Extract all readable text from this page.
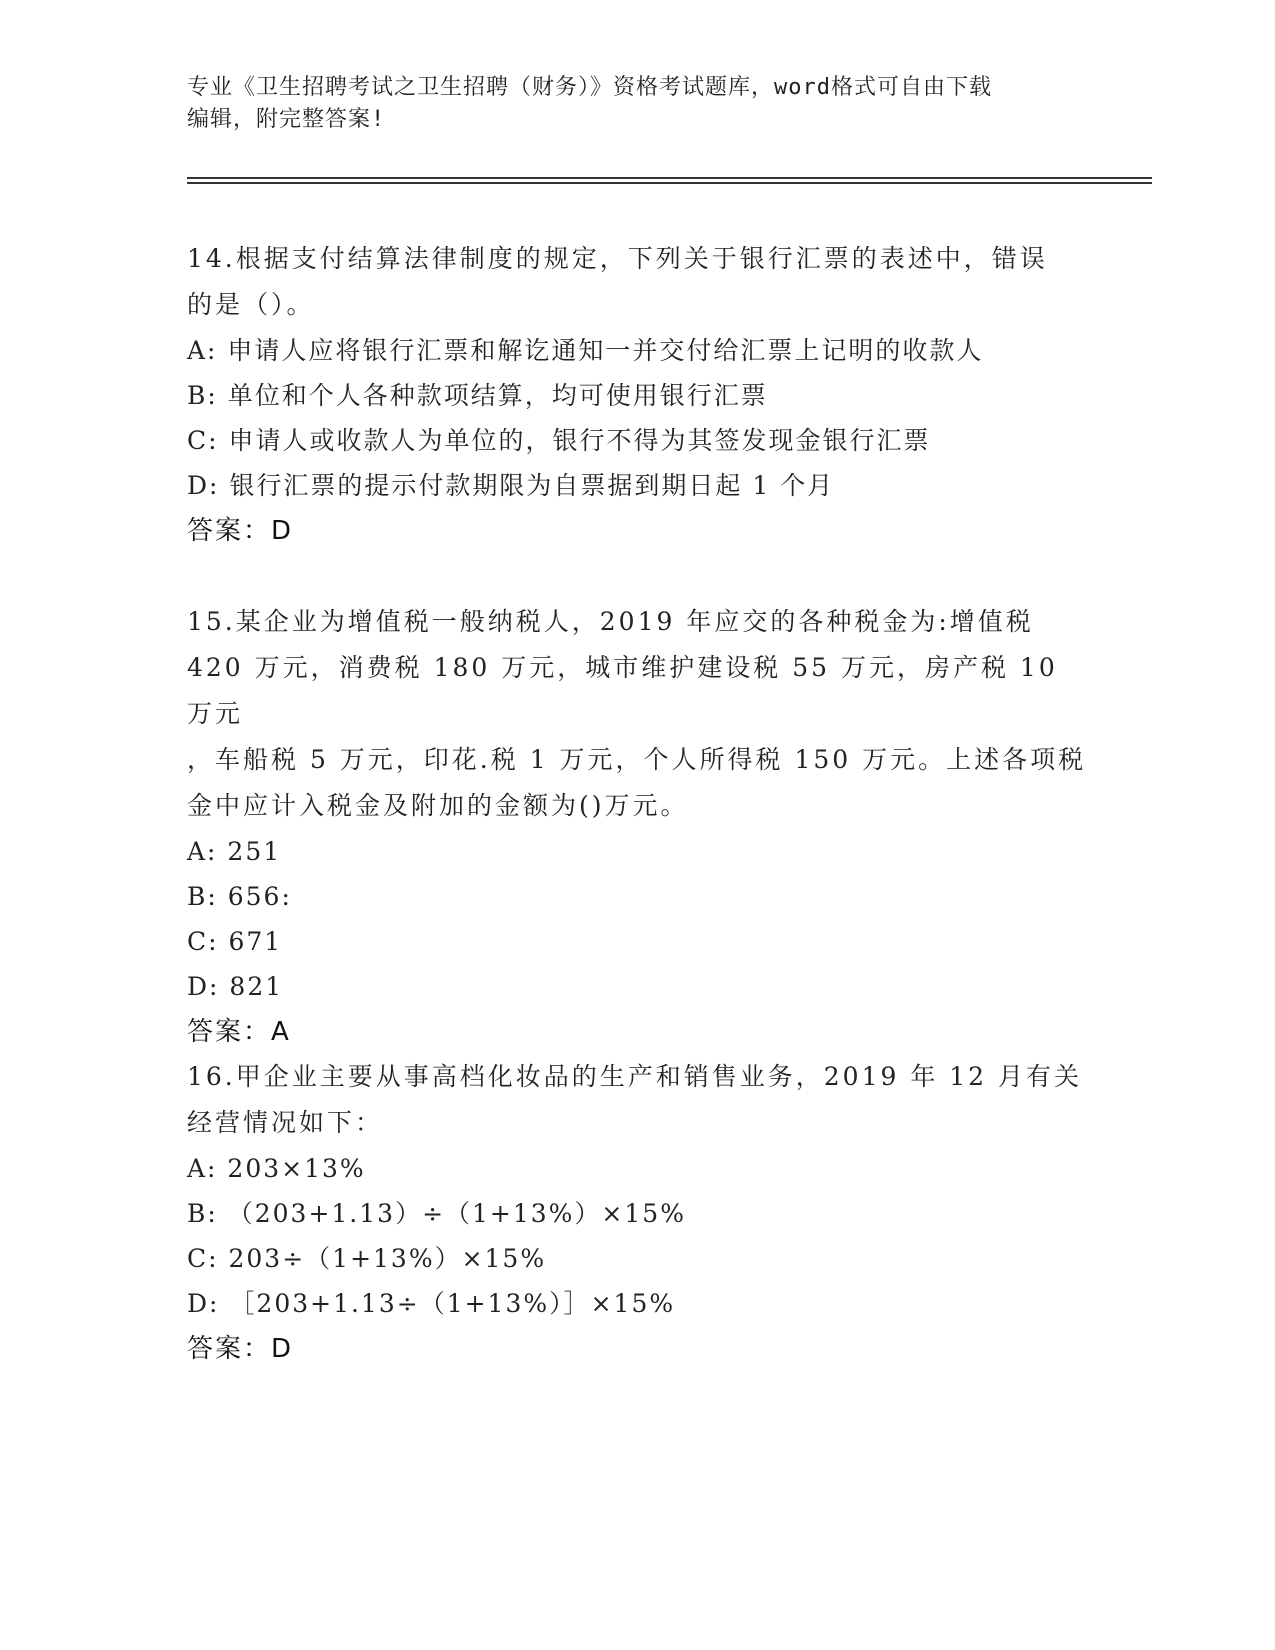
专业《卫生招聘考试之卫生招聘（财务）》资格考试题库，word格式可自由下载
编辑，附完整答案!
14.根据支付结算法律制度的规定，下列关于银行汇票的表述中，错误
的是（）。
A: 申请人应将银行汇票和解讫通知一并交付给汇票上记明的收款人
B: 单位和个人各种款项结算，均可使用银行汇票
C: 申请人或收款人为单位的，银行不得为其签发现金银行汇票
D: 银行汇票的提示付款期限为自票据到期日起 1 个月
答案：D
15.某企业为增值税一般纳税人，2019 年应交的各种税金为:增值税
420 万元，消费税 180 万元，城市维护建设税 55 万元，房产税 10 万元
，车船税 5 万元，印花.税 1 万元，个人所得税 150 万元。上述各项税
金中应计入税金及附加的金额为()万元。
A: 251
B: 656:
C: 671
D: 821
答案：A
16.甲企业主要从事高档化妆品的生产和销售业务，2019 年 12 月有关
经营情况如下：
A: 203×13%
B: （203+1.13）÷（1+13%）×15%
C: 203÷（1+13%）×15%
D: ［203+1.13÷（1+13%）］×15%
答案：D
